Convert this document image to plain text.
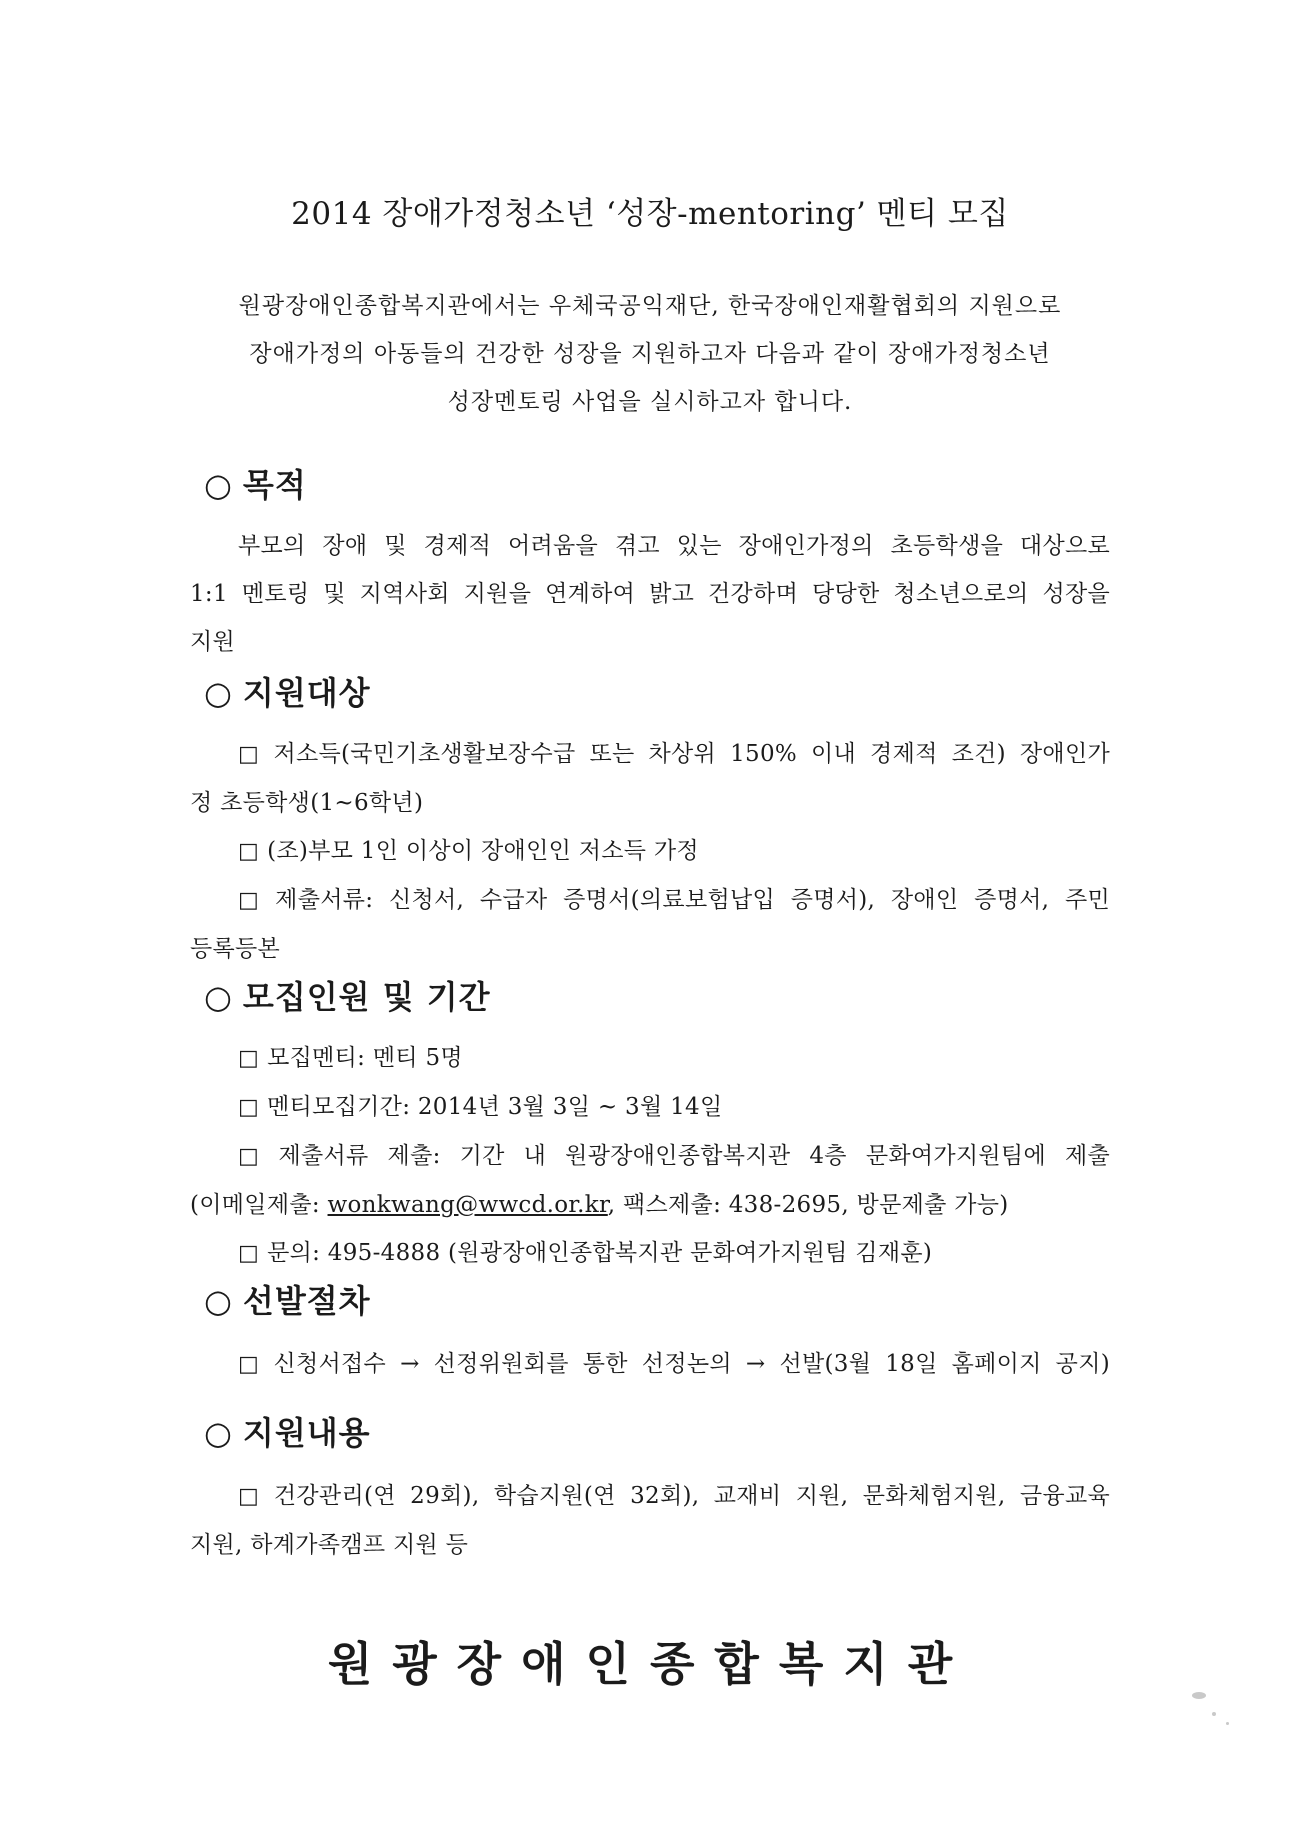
2014 장애가정청소년 ‘성장-mentoring’ 멘티 모집
원광장애인종합복지관에서는 우체국공익재단, 한국장애인재활협회의 지원으로
장애가정의 아동들의 건강한 성장을 지원하고자 다음과 같이 장애가정청소년
성장멘토링 사업을 실시하고자 합니다.
○ 목적
부모의 장애 및 경제적 어려움을 겪고 있는 장애인가정의 초등학생을 대상으로
1:1 멘토링 및 지역사회 지원을 연계하여 밝고 건강하며 당당한 청소년으로의 성장을
지원
○ 지원대상
□ 저소득(국민기초생활보장수급 또는 차상위 150% 이내 경제적 조건) 장애인가
정 초등학생(1~6학년)
□ (조)부모 1인 이상이 장애인인 저소득 가정
□ 제출서류: 신청서, 수급자 증명서(의료보험납입 증명서), 장애인 증명서, 주민
등록등본
○ 모집인원 및 기간
□ 모집멘티: 멘티 5명
□ 멘티모집기간: 2014년 3월 3일 ~ 3월 14일
□ 제출서류 제출: 기간 내 원광장애인종합복지관 4층 문화여가지원팀에 제출
(이메일제출: wonkwang@wwcd.or.kr, 팩스제출: 438-2695, 방문제출 가능)
□ 문의: 495-4888 (원광장애인종합복지관 문화여가지원팀 김재훈)
○ 선발절차
□ 신청서접수 → 선정위원회를 통한 선정논의 → 선발(3월 18일 홈페이지 공지)
○ 지원내용
□ 건강관리(연 29회), 학습지원(연 32회), 교재비 지원, 문화체험지원, 금융교육
지원, 하계가족캠프 지원 등
원광장애인종합복지관
